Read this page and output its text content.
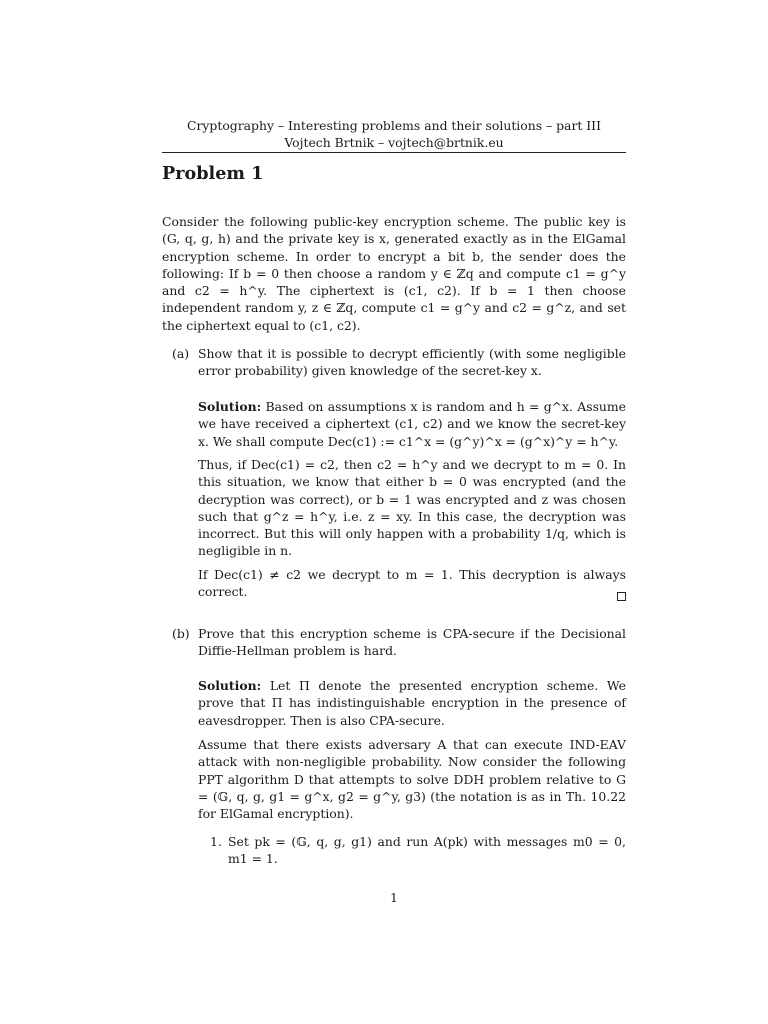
Cryptography – Interesting problems and their solutions – part III
Vojtech Brtnik – vojtech@brtnik.eu
Problem 1

Consider the following public-key encryption scheme. The public key is (G, q, g, h) and the private key is x, generated exactly as in the ElGamal encryption scheme. In order to encrypt a bit b, the sender does the following: If b = 0 then choose a random y ∈ ℤq and compute c1 = g^y and c2 = h^y. The ciphertext is (c1, c2). If b = 1 then choose independent random y, z ∈ ℤq, compute c1 = g^y and c2 = g^z, and set the ciphertext equal to (c1, c2).

(a) Show that it is possible to decrypt efficiently (with some negligible error probability) given knowledge of the secret-key x.

Solution: Based on assumptions x is random and h = g^x. Assume we have received a ciphertext (c1, c2) and we know the secret-key x. We shall compute Dec(c1) := c1^x = (g^y)^x = (g^x)^y = h^y.

Thus, if Dec(c1) = c2, then c2 = h^y and we decrypt to m = 0. In this situation, we know that either b = 0 was encrypted (and the decryption was correct), or b = 1 was encrypted and z was chosen such that g^z = h^y, i.e. z = xy. In this case, the decryption was incorrect. But this will only happen with a probability 1/q, which is negligible in n.

If Dec(c1) ≠ c2 we decrypt to m = 1. This decryption is always correct.

(b) Prove that this encryption scheme is CPA-secure if the Decisional Diffie-Hellman problem is hard.

Solution: Let Π denote the presented encryption scheme. We prove that Π has indistinguishable encryption in the presence of eavesdropper. Then is also CPA-secure.

Assume that there exists adversary A that can execute IND-EAV attack with non-negligible probability. Now consider the following PPT algorithm D that attempts to solve DDH problem relative to G = (𝔾, q, g, g1 = g^x, g2 = g^y, g3) (the notation is as in Th. 10.22 for ElGamal encryption).

1. Set pk = (𝔾, q, g, g1) and run A(pk) with messages m0 = 0, m1 = 1.
1
